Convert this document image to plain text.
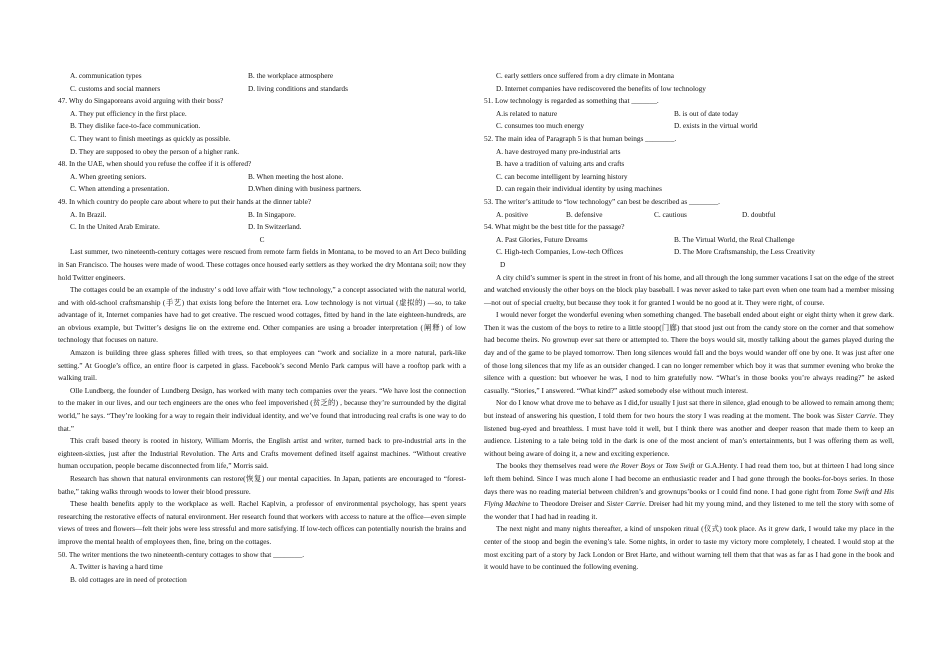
A. communication types	B. the workplace atmosphere
C. customs and social manners	D. living conditions and standards
47. Why do Singaporeans avoid arguing with their boss?
A. They put efficiency in the first place.
B. They dislike face-to-face communication.
C. They want to finish meetings as quickly as possible.
D. They are supposed to obey the person of a higher rank.
48. In the UAE, when should you refuse the coffee if it is offered?
A. When greeting seniors.	B. When meeting the host alone.
C. When attending a presentation.	D.When dining with business partners.
49. In which country do people care about where to put their hands at the dinner table?
A. In Brazil.	B. In Singapore.
C. In the United Arab Emirate.	D. In Switzerland.
C

Last summer, two nineteenth-century cottages were rescued from remote farm fields in Montana, to be moved to an Art Deco building in San Francisco. The houses were made of wood. These cottages once housed early settlers as they worked the dry Montana soil; now they hold Twitter engineers.

The cottages could be an example of the industry’ s odd love affair with “low technology,” a concept associated with the natural world, and with old-school craftsmanship (手艺) that exists long before the Internet era. Low technology is not virtual (虚拟的) —so, to take advantage of it, Internet companies have had to get creative. The rescued wood cottages, fitted by hand in the late eighteen-hundreds, are an obvious example, but Twitter’s designs lie on the extreme end. Other companies are using a broader interpretation (阐释) of low technology that focuses on nature.

Amazon is building three glass spheres filled with trees, so that employees can “work and socialize in a more natural, park-like setting.” At Google’s office, an entire floor is carpeted in glass. Facebook’s second Menlo Park campus will have a rooftop park with a walking trail.

Olle Lundberg, the founder of Lundberg Design, has worked with many tech companies over the years. “We have lost the connection to the maker in our lives, and our tech engineers are the ones who feel impoverished (贫乏的) , because they’re surrounded by the digital world,” he says. “They’re looking for a way to regain their individual identity, and we’ve found that introducing real crafts is one way to do that.”

This craft based theory is rooted in history, William Morris, the English artist and writer, turned back to pre-industrial arts in the eighteen-sixties, just after the Industrial Revolution. The Arts and Crafts movement defined itself against machines. “Without creative human occupation, people became disconnected from life,” Morris said.

Research has shown that natural environments can restore(恢复) our mental capacities. In Japan, patients are encouraged to “forest-bathe,” taking walks through woods to lower their blood pressure.

These health benefits apply to the workplace as well. Rachel Kaplvin, a professor of environmental psychology, has spent years researching the restorative effects of natural environment. Her research found that workers with access to nature at the office—even simple views of trees and flowers—felt their jobs were less stressful and more satisfying. If low-tech offices can potentially nourish the brains and improve the mental health of employees then, fine, bring on the cottages.

50. The writer mentions the two nineteenth-century cottages to show that ________.
A. Twitter is having a hard time
B. old cottages are in need of protection
C. early settlers once suffered from a dry climate in Montana
D. Internet companies have rediscovered the benefits of low technology
51. Low technology is regarded as something that _______.
A.is related to nature	B. is out of date today
C. consumes too much energy	D. exists in the virtual world
52. The main idea of Paragraph 5 is that human beings ________.
A. have destroyed many pre-industrial arts
B. have a tradition of valuing arts and crafts
C. can become intelligent by learning history
D. can regain their individual identity by using machines
53. The writer’s attitude to “low technology” can best be described as ________.
A. positive	B. defensive	C. cautious	D. doubtful
54. What might be the best title for the passage?
A. Past Glories, Future Dreams	B. The Virtual World, the Real Challenge
C. High-tech Companies, Low-tech Offices	D. The More Craftsmanship, the Less Creativity
D

A city child’s summer is spent in the street in front of his home, and all through the long summer vacations I sat on the edge of the street and watched enviously the other boys on the block play baseball. I was never asked to take part even when one team had a member missing—not out of special cruelty, but because they took it for granted I would be no good at it. They were right, of course.

I would never forget the wonderful evening when something changed. The baseball ended about eight or eight thirty when it grew dark. Then it was the custom of the boys to retire to a little stoop(门廊) that stood just out from the candy store on the corner and that somehow had become theirs. No grownup ever sat there or attempted to. There the boys would sit, mostly talking about the games played during the day and of the game to be played tomorrow. Then long silences would fall and the boys would wander off one by one. It was just after one of those long silences that my life as an outsider changed. I can no longer remember which boy it was that summer evening who broke the silence with a question: but whoever he was, I nod to him gratefully now. “What’s in those books you’re always reading?” he asked casually. “Stories,” I answered. “What kind?” asked somebody else without much interest.

Nor do I know what drove me to behave as I did,for usually I just sat there in silence, glad enough to be allowed to remain among them; but instead of answering his question, I told them for two hours the story I was reading at the moment. The book was Sister Carrie. They listened bug-eyed and breathless. I must have told it well, but I think there was another and deeper reason that made them to keep an audience. Listening to a tale being told in the dark is one of the most ancient of man’s entertainments, but I was offering them as well, without being aware of doing it, a new and exciting experience.

The books they themselves read were the Rover Boys or Tom Swift or G.A.Henty. I had read them too, but at thirteen I had long since left them behind. Since I was much alone I had become an enthusiastic reader and I had gone through the books-for-boys series. In those days there was no reading material between children’s and grownups’books or I could find none. I had gone right from Tome Swift and His Flying Machine to Theodore Dreiser and Sister Carrie. Dreiser had hit my young mind, and they listened to me tell the story with some of the wonder that I had had in reading it.

The next night and many nights thereafter, a kind of unspoken ritual (仪式) took place. As it grew dark, I would take my place in the center of the stoop and begin the evening’s tale. Some nights, in order to taste my victory more completely, I cheated. I would stop at the most exciting part of a story by Jack London or Bret Harte, and without warning tell them that that was as far as I had gone in the book and it would have to be continued the following evening.
